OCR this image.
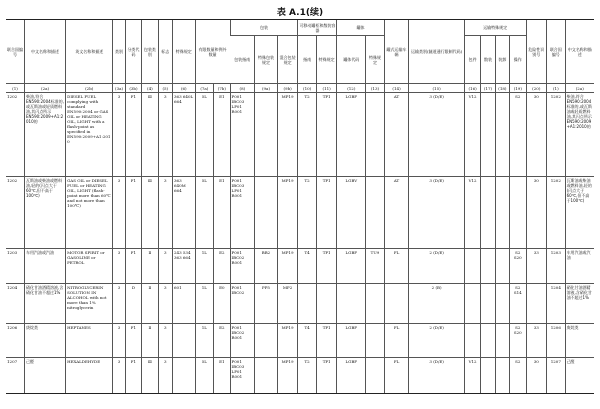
表 A.1(续)
联合国编号	中文名称和描述	英文名称和描述	类别	分类代码	包装类别	标志	特殊规定	有限数量和例外数量		包装			可移动罐柜和散装容器		罐体		罐式运输车辆	运输类别(隧道通行限制代码)	运输特殊规定				危险性识别号	联合国编号	中文名称和描述
										包装指南	特殊包装规定	混合包装规定	指南	特殊规定	罐体代码	特殊规定			包件	散装	装卸	操作			
(1)	(2a)	(2b)	(3a)	(3b)	(4)	(5)	(6)	(7a)	(7b)	(8)	(9a)	(9b)	(10)	(11)	(12)	(13)	(14)	(15)	(16)	(17)	(18)	(19)	(20)	(1)	(2a)
1202	柴油,符合EN590:2004标准的,或瓦斯油或轻质燃料油,其闪点所示EN590:2009+A1:2010的	DIESEL FUEL complying with standard EN590:2004 or GAS OIL or HEATING OIL, LIGHT with a flash-point as specified in EN590:2009+A1:2010	3	F1	Ⅲ	3	363 640L 664	5L	E1	P001 IBC03 LP01 R001		MP19	T2	TP1	LGBF		AT	3 (D/E)	V12			S2	30	1202	柴油,符合EN590:2004标准的,或瓦斯油或轻质燃料油,其闪点所示EN590:2009+A1:2010的
1202	瓦斯油或柴油或燃料油,轻的(闪点大于60℃,但不高于100℃)	GAS OIL or DIESEL FUEL or HEATING OIL, LIGHT (flash-point more than 60℃ and not more than 100℃)	3	F1	Ⅲ	3	363 640M 664	5L	E1	P001 IBC03 LP01 R001		MP19	T2	TP1	LGBV		AT	3 (D/E)	V12				30	1202	瓦斯油或柴油或燃料油,轻的(闪点大于60℃,但不高于100℃)
1203	车用汽油或汽油	MOTOR SPIRIT or GASOLINE or PETROL	3	F1	Ⅱ	3	243 534 363 664	1L	E2	P001 IBC02 R001	BB2	MP19	T4	TP1	LGBF	TU9	FL	2 (D/E)				S2 S20	33	1203	车用汽油或汽油
1204	硝化甘油酒精溶液,含硝化甘油不超过1%	NITROGLYCERIN SOLUTION IN ALCOHOL with not more than 1% nitroglycerin	3	D	Ⅱ	3	601	1L	E0	P001 IBC02	PP5	MP2						2 (B)				S2 S14		1204	硝化甘油酒精溶液,含硝化甘油不超过1%
1206	庚烷类	HEPTANES	3	F1	Ⅱ	3		1L	E2	P001 IBC02 R001		MP19	T4	TP1	LGBF		FL	2 (D/E)				S2 S20	33	1206	庚烷类
1207	己醛	HEXALDEHYDE	3	F1	Ⅲ	3		5L	E1	P001 IBC03 LP01 R001		MP19	T2	TP1	LGBF		FL	3 (D/E)	V12			S2	30	1207	己醛
